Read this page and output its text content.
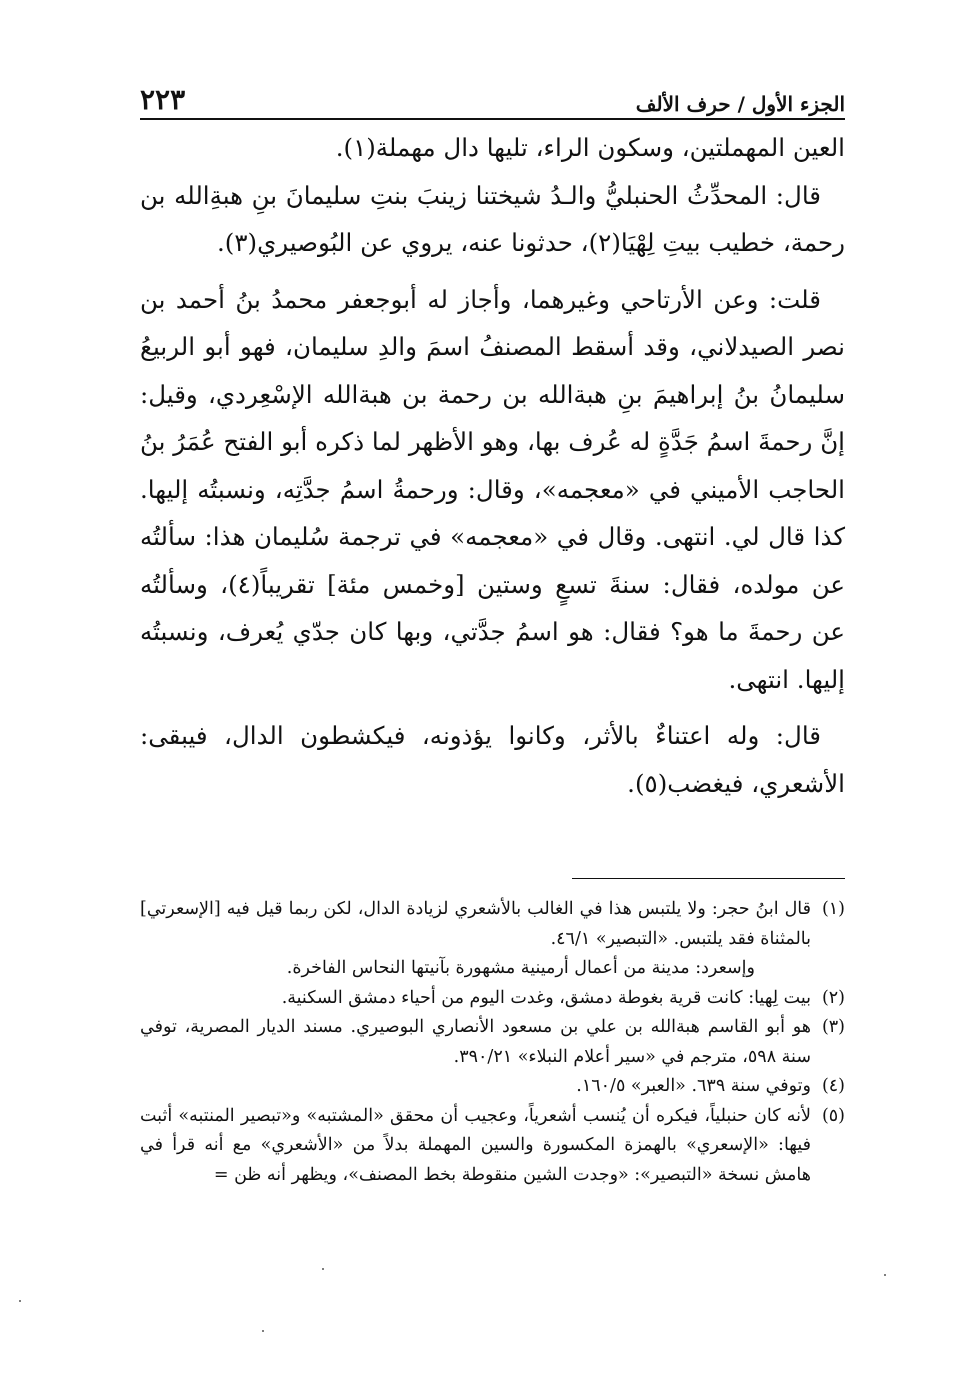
الجزء الأول / حرف الألف
٢٢٣

العين المهملتين، وسكون الراء، تليها دال مهملة(١).

قال: المحدِّثُ الحنبليُّ والـدُ شيختنا زينبَ بنتِ سليمانَ بنِ هبةِالله بن رحمة، خطيب بيتِ لِهْيَا(٢)، حدثونا عنه، يروي عن البُوصيري(٣).

قلت: وعن الأرتاحي وغيرهما، وأجاز له أبوجعفر محمدُ بنُ أحمد بن نصر الصيدلاني، وقد أسقط المصنفُ اسمَ والدِ سليمان، فهو أبو الربيعُ سليمانُ بنُ إبراهيمَ بنِ هبةالله بن رحمة بن هبةالله الإسْعِردي، وقيل: إنَّ رحمةَ اسمُ جَدَّةٍ له عُرف بها، وهو الأظهر لما ذكره أبو الفتح عُمَرُ بنُ الحاجب الأميني في «معجمه»، وقال: ورحمةُ اسمُ جدَّتِه، ونسبتُه إليها. كذا قال لي. انتهى. وقال في «معجمه» في ترجمة سُليمان هذا: سألتُه عن مولده، فقال: سنةَ تسعٍ وستين [وخمس مئة] تقريباً(٤)، وسألتُه عن رحمةَ ما هو؟ فقال: هو اسمُ جدَّتي، وبها كان جدّي يُعرف، ونسبتُه إليها. انتهى.

قال: وله اعتناءٌ بالأثر، وكانوا يؤذونه، فيكشطون الدال، فيبقى: الأشعري، فيغضب(٥).

(١)
قال ابنُ حجر: ولا يلتبس هذا في الغالب بالأشعري لزيادة الدال، لكن ربما قيل فيه [الإسعرتي] بالمثناة فقد يلتبس. «التبصير» ٤٦/١.

وإسعرد: مدينة من أعمال أرمينية مشهورة بآنيتها النحاس الفاخرة.

(٢)
بيت لِهيا: كانت قرية بغوطة دمشق، وغدت اليوم من أحياء دمشق السكنية.
(٣)
هو أبو القاسم هبةالله بن علي بن مسعود الأنصاري البوصيري. مسند الديار المصرية، توفي سنة ٥٩٨، مترجم في «سير أعلام النبلاء» ٣٩٠/٢١.
(٤)
وتوفي سنة ٦٣٩. «العبر» ١٦٠/٥.
(٥)
لأنه كان حنبلياً، فيكره أن يُنسب أشعرياً، وعجيب أن محقق «المشتبه» و«تبصير المنتبه» أثبت فيها: «الإسعري» بالهمزة المكسورة والسين المهملة بدلاً من «الأشعري» مع أنه قرأ في هامش نسخة «التبصير»: «وجدت الشين منقوطة بخط المصنف»، ويظهر أنه ظن =
